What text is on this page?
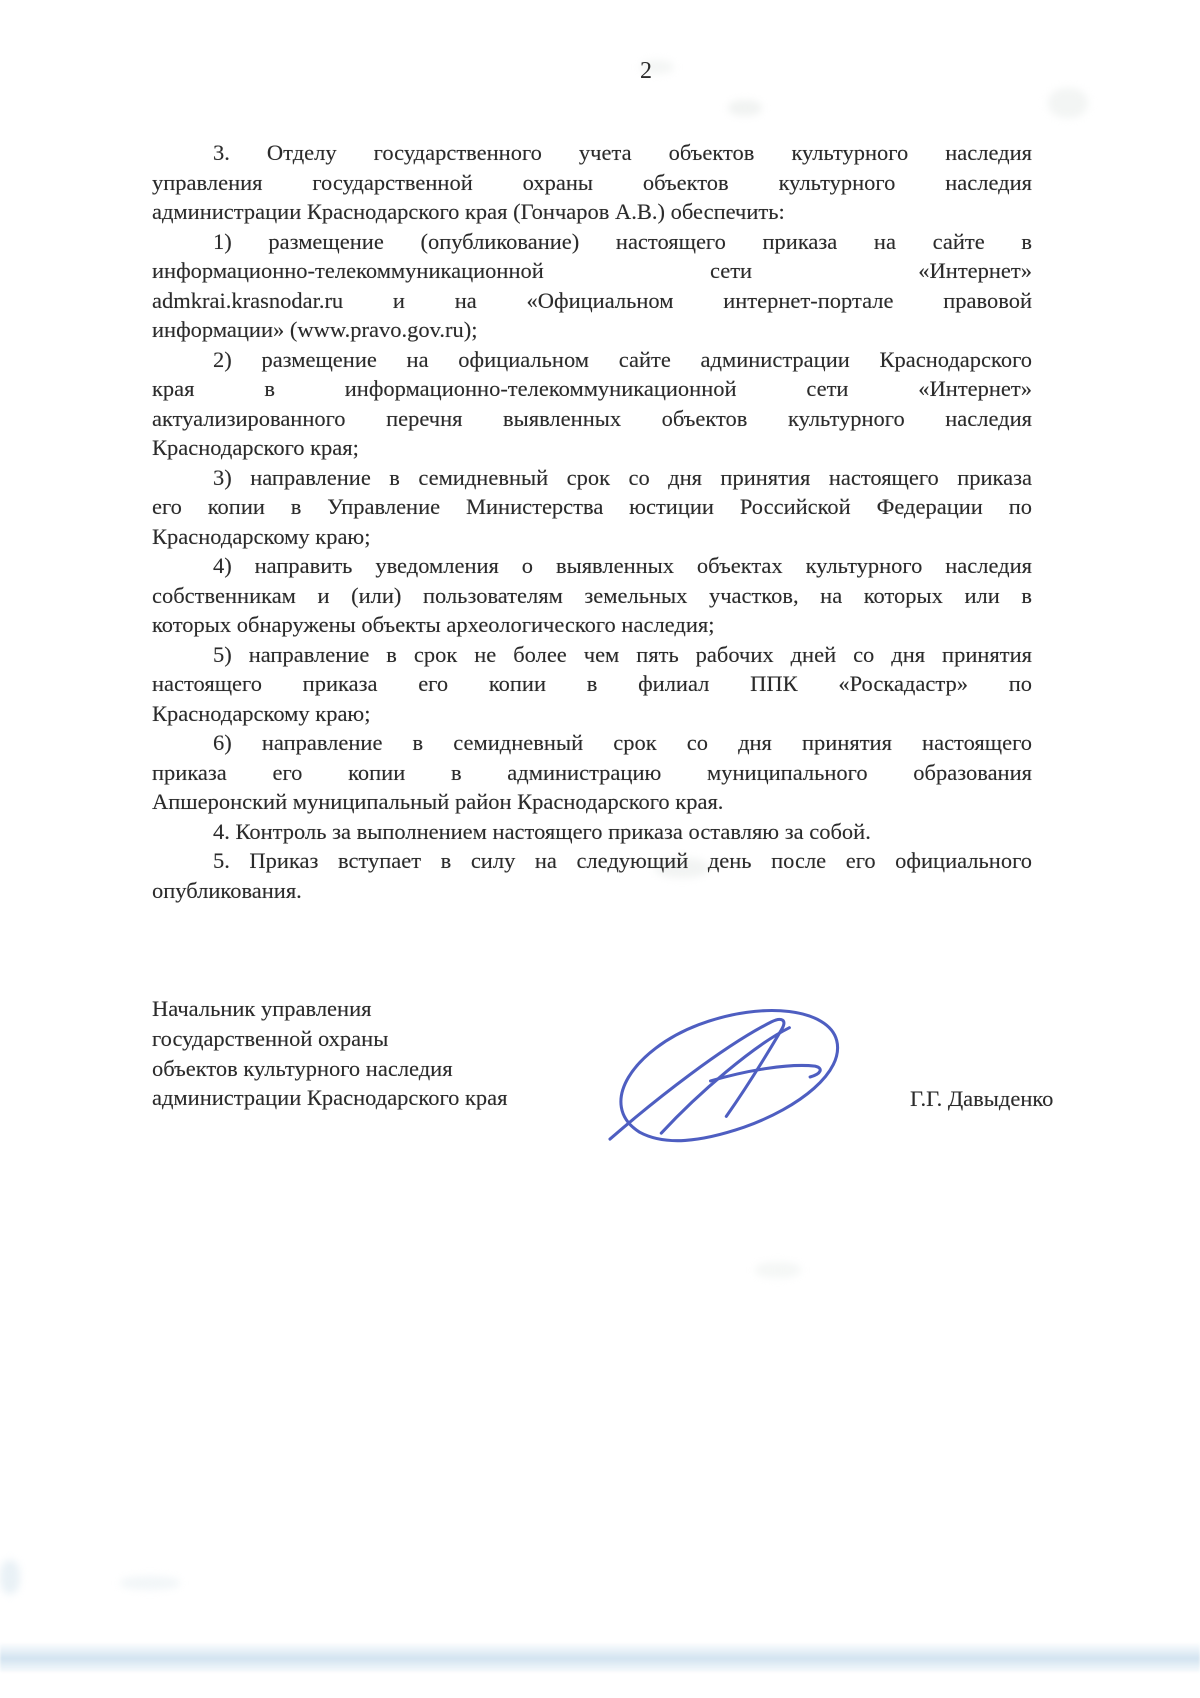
2

3. Отделу государственного учета объектов культурного наследия
управления государственной охраны объектов культурного наследия
администрации Краснодарского края (Гончаров А.В.) обеспечить:

1) размещение (опубликование) настоящего приказа на сайте в
информационно-телекоммуникационной сети «Интернет»
admkrai.krasnodar.ru и на «Официальном интернет-портале правовой
информации» (www.pravo.gov.ru);

2) размещение на официальном сайте администрации Краснодарского
края в информационно-телекоммуникационной сети «Интернет»
актуализированного перечня выявленных объектов культурного наследия
Краснодарского края;

3) направление в семидневный срок со дня принятия настоящего приказа
его копии в Управление Министерства юстиции Российской Федерации по
Краснодарскому краю;

4) направить уведомления о выявленных объектах культурного наследия
собственникам и (или) пользователям земельных участков, на которых или в
которых обнаружены объекты археологического наследия;

5) направление в срок не более чем пять рабочих дней со дня принятия
настоящего приказа его копии в филиал ППК «Роскадастр» по
Краснодарскому краю;

6) направление в семидневный срок со дня принятия настоящего
приказа его копии в администрацию муниципального образования
Апшеронский муниципальный район Краснодарского края.

4. Контроль за выполнением настоящего приказа оставляю за собой.

5. Приказ вступает в силу на следующий день после его официального
опубликования.

Начальник управления
государственной охраны
объектов культурного наследия
администрации Краснодарского края	Г.Г. Давыденко
